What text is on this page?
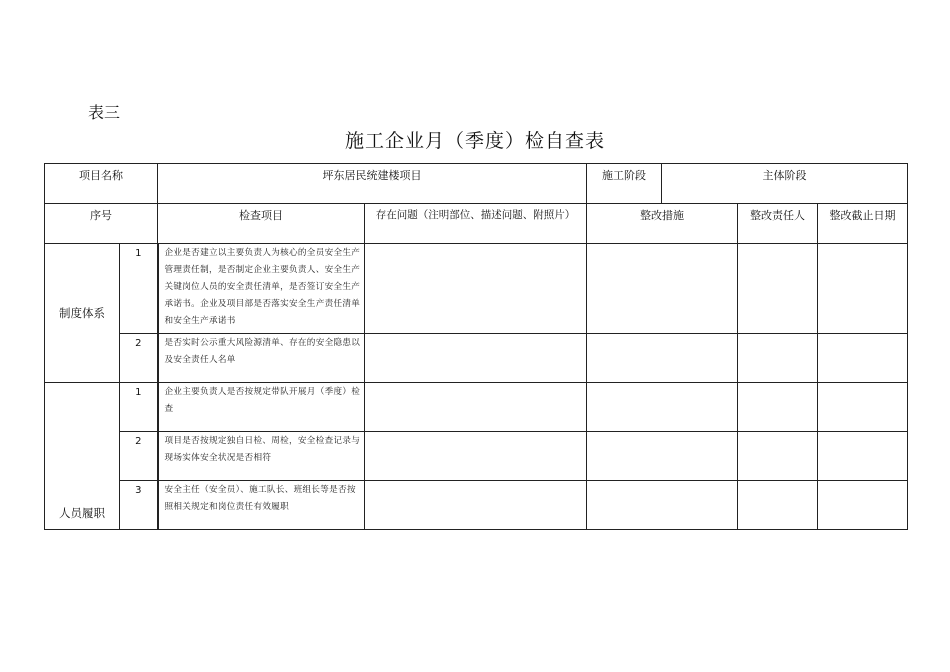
表三
施工企业月（季度）检自查表
项目名称		坪东居民统建楼项目		施工阶段	主体阶段		
序号		检查项目	存在问题（注明部位、描述问题、附照片）	整改措施		整改责任人	整改截止日期
制度体系	1	企业是否建立以主要负责人为核心的全员安全生产管理责任制，是否制定企业主要负责人、安全生产关键岗位人员的安全责任清单，是否签订安全生产承诺书。企业及项目部是否落实安全生产责任清单和安全生产承诺书					
	2	是否实时公示重大风险源清单、存在的安全隐患以及安全责任人名单					
人员履职	1	企业主要负责人是否按规定带队开展月（季度）检查					
	2	项目是否按规定独自日检、周检，安全检查记录与现场实体安全状况是否相符					
	3	安全主任（安全员）、施工队长、班组长等是否按照相关规定和岗位责任有效履职					
